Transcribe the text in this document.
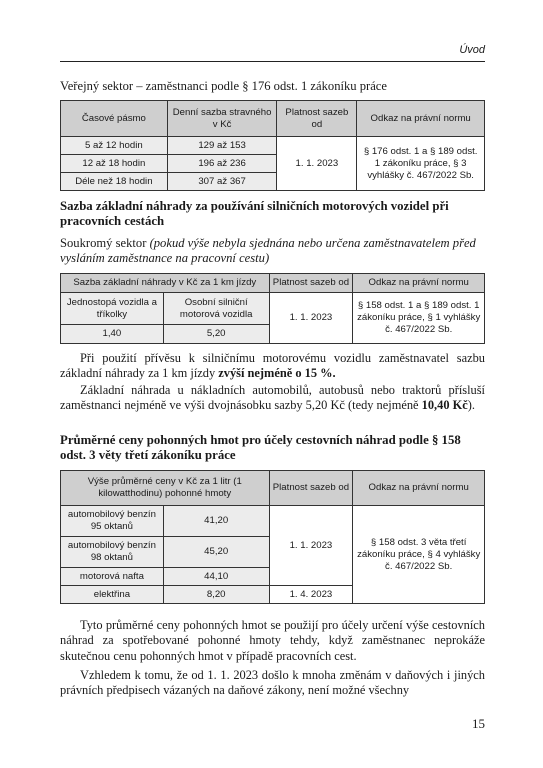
Úvod
Veřejný sektor – zaměstnanci podle § 176 odst. 1 zákoníku práce
Časové pásmo	Denní sazba stravného v Kč	Platnost sazeb od	Odkaz na právní normu
5 až 12 hodin	129 až 153	1. 1. 2023	§ 176 odst. 1 a § 189 odst. 1 zákoníku práce, § 3 vyhlášky č. 467/2022 Sb.
12 až 18 hodin	196 až 236		
Déle než 18 hodin	307 až 367		
Sazba základní náhrady za používání silničních motorových vozidel při pracovních cestách
Soukromý sektor (pokud výše nebyla sjednána nebo určena zaměstnavatelem před vysláním zaměstnance na pracovní cestu)
Sazba základní náhrady v Kč za 1 km jízdy		Platnost sazeb od	Odkaz na právní normu
Jednostopá vozidla a tříkolky	Osobní silniční motorová vozidla	1. 1. 2023	§ 158 odst. 1 a § 189 odst. 1 zákoníku práce, § 1 vyhlášky č. 467/2022 Sb.
1,40	5,20		
Při použití přívěsu k silničnímu motorovému vozidlu zaměstnavatel sazbu základní náhrady za 1 km jízdy zvýší nejméně o 15 %.
Základní náhrada u nákladních automobilů, autobusů nebo traktorů přísluší zaměstnanci nejméně ve výši dvojnásobku sazby 5,20 Kč (tedy nejméně 10,40 Kč).
Průměrné ceny pohonných hmot pro účely cestovních náhrad podle § 158 odst. 3 věty třetí zákoníku práce
Výše průměrné ceny v Kč za 1 litr (1 kilowatthodinu) pohonné hmoty		Platnost sazeb od	Odkaz na právní normu
automobilový benzín 95 oktanů	41,20	1. 1. 2023	§ 158 odst. 3 věta třetí zákoníku práce, § 4 vyhlášky č. 467/2022 Sb.
automobilový benzín 98 oktanů	45,20		
motorová nafta	44,10		
elektřina	8,20	1. 4. 2023	
Tyto průměrné ceny pohonných hmot se použijí pro účely určení výše cestovních náhrad za spotřebované pohonné hmoty tehdy, když zaměstnanec neprokáže skutečnou cenu pohonných hmot v případě pracovních cest.
Vzhledem k tomu, že od 1. 1. 2023 došlo k mnoha změnám v daňových i jiných právních předpisech vázaných na daňové zákony, není možné všechny
15
